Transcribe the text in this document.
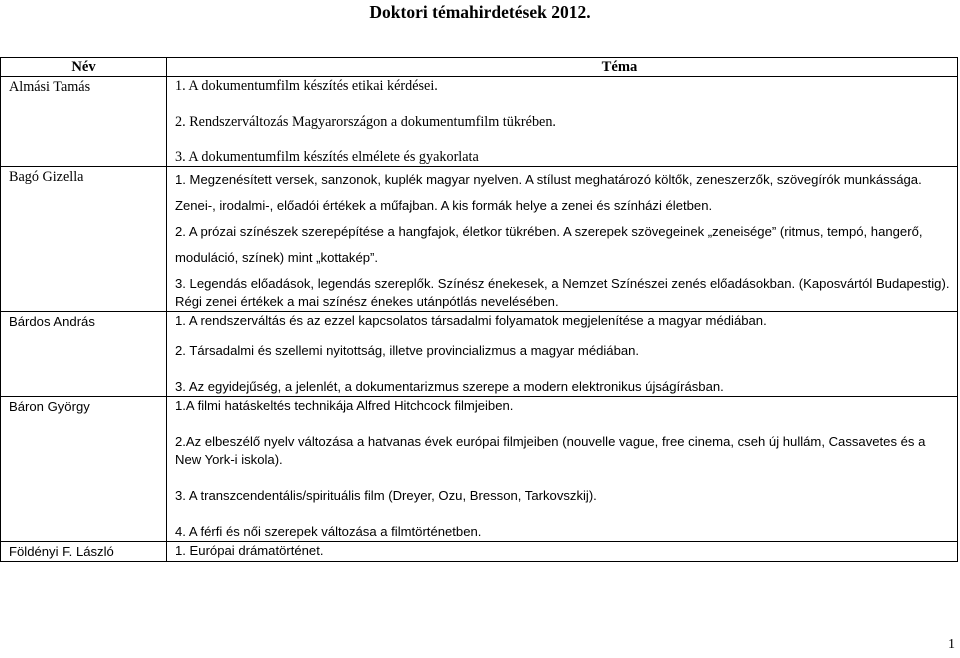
Doktori témahirdetések 2012.
Név	Téma
Almási Tamás	1. A dokumentumfilm készítés etikai kérdései.

2. Rendszerváltozás Magyarországon a dokumentumfilm tükrében.

3. A dokumentumfilm készítés elmélete és gyakorlata

Bagó Gizella	1. Megzenésített versek, sanzonok, kuplék magyar nyelven. A stílust meghatározó költők, zeneszerzők, szövegírók munkássága. Zenei-, irodalmi-, előadói értékek a műfajban. A kis formák helye a zenei és színházi életben.

2. A prózai színészek szerepépítése a hangfajok, életkor tükrében. A szerepek szövegeinek „zeneisége” (ritmus, tempó, hangerő, moduláció, színek) mint „kottakép”.

3. Legendás előadások, legendás szereplők. Színész énekesek, a Nemzet Színészei zenés előadásokban. (Kaposvártól Budapestig). Régi zenei értékek a mai színész énekes utánpótlás nevelésében.

Bárdos András	1. A rendszerváltás és az ezzel kapcsolatos társadalmi folyamatok megjelenítése a magyar médiában.

2. Társadalmi és szellemi nyitottság, illetve provincializmus a magyar médiában.

3. Az egyidejűség, a jelenlét, a dokumentarizmus szerepe a modern elektronikus újságírásban.

Báron György	1.A filmi hatáskeltés technikája Alfred Hitchcock filmjeiben.

2.Az elbeszélő nyelv változása a hatvanas évek európai filmjeiben (nouvelle vague, free cinema, cseh új hullám, Cassavetes és a New York-i iskola).

3. A transzcendentális/spirituális film (Dreyer, Ozu, Bresson, Tarkovszkij).

4. A férfi és női szerepek változása a filmtörténetben.

Földényi F. László	1. Európai drámatörténet.

1
